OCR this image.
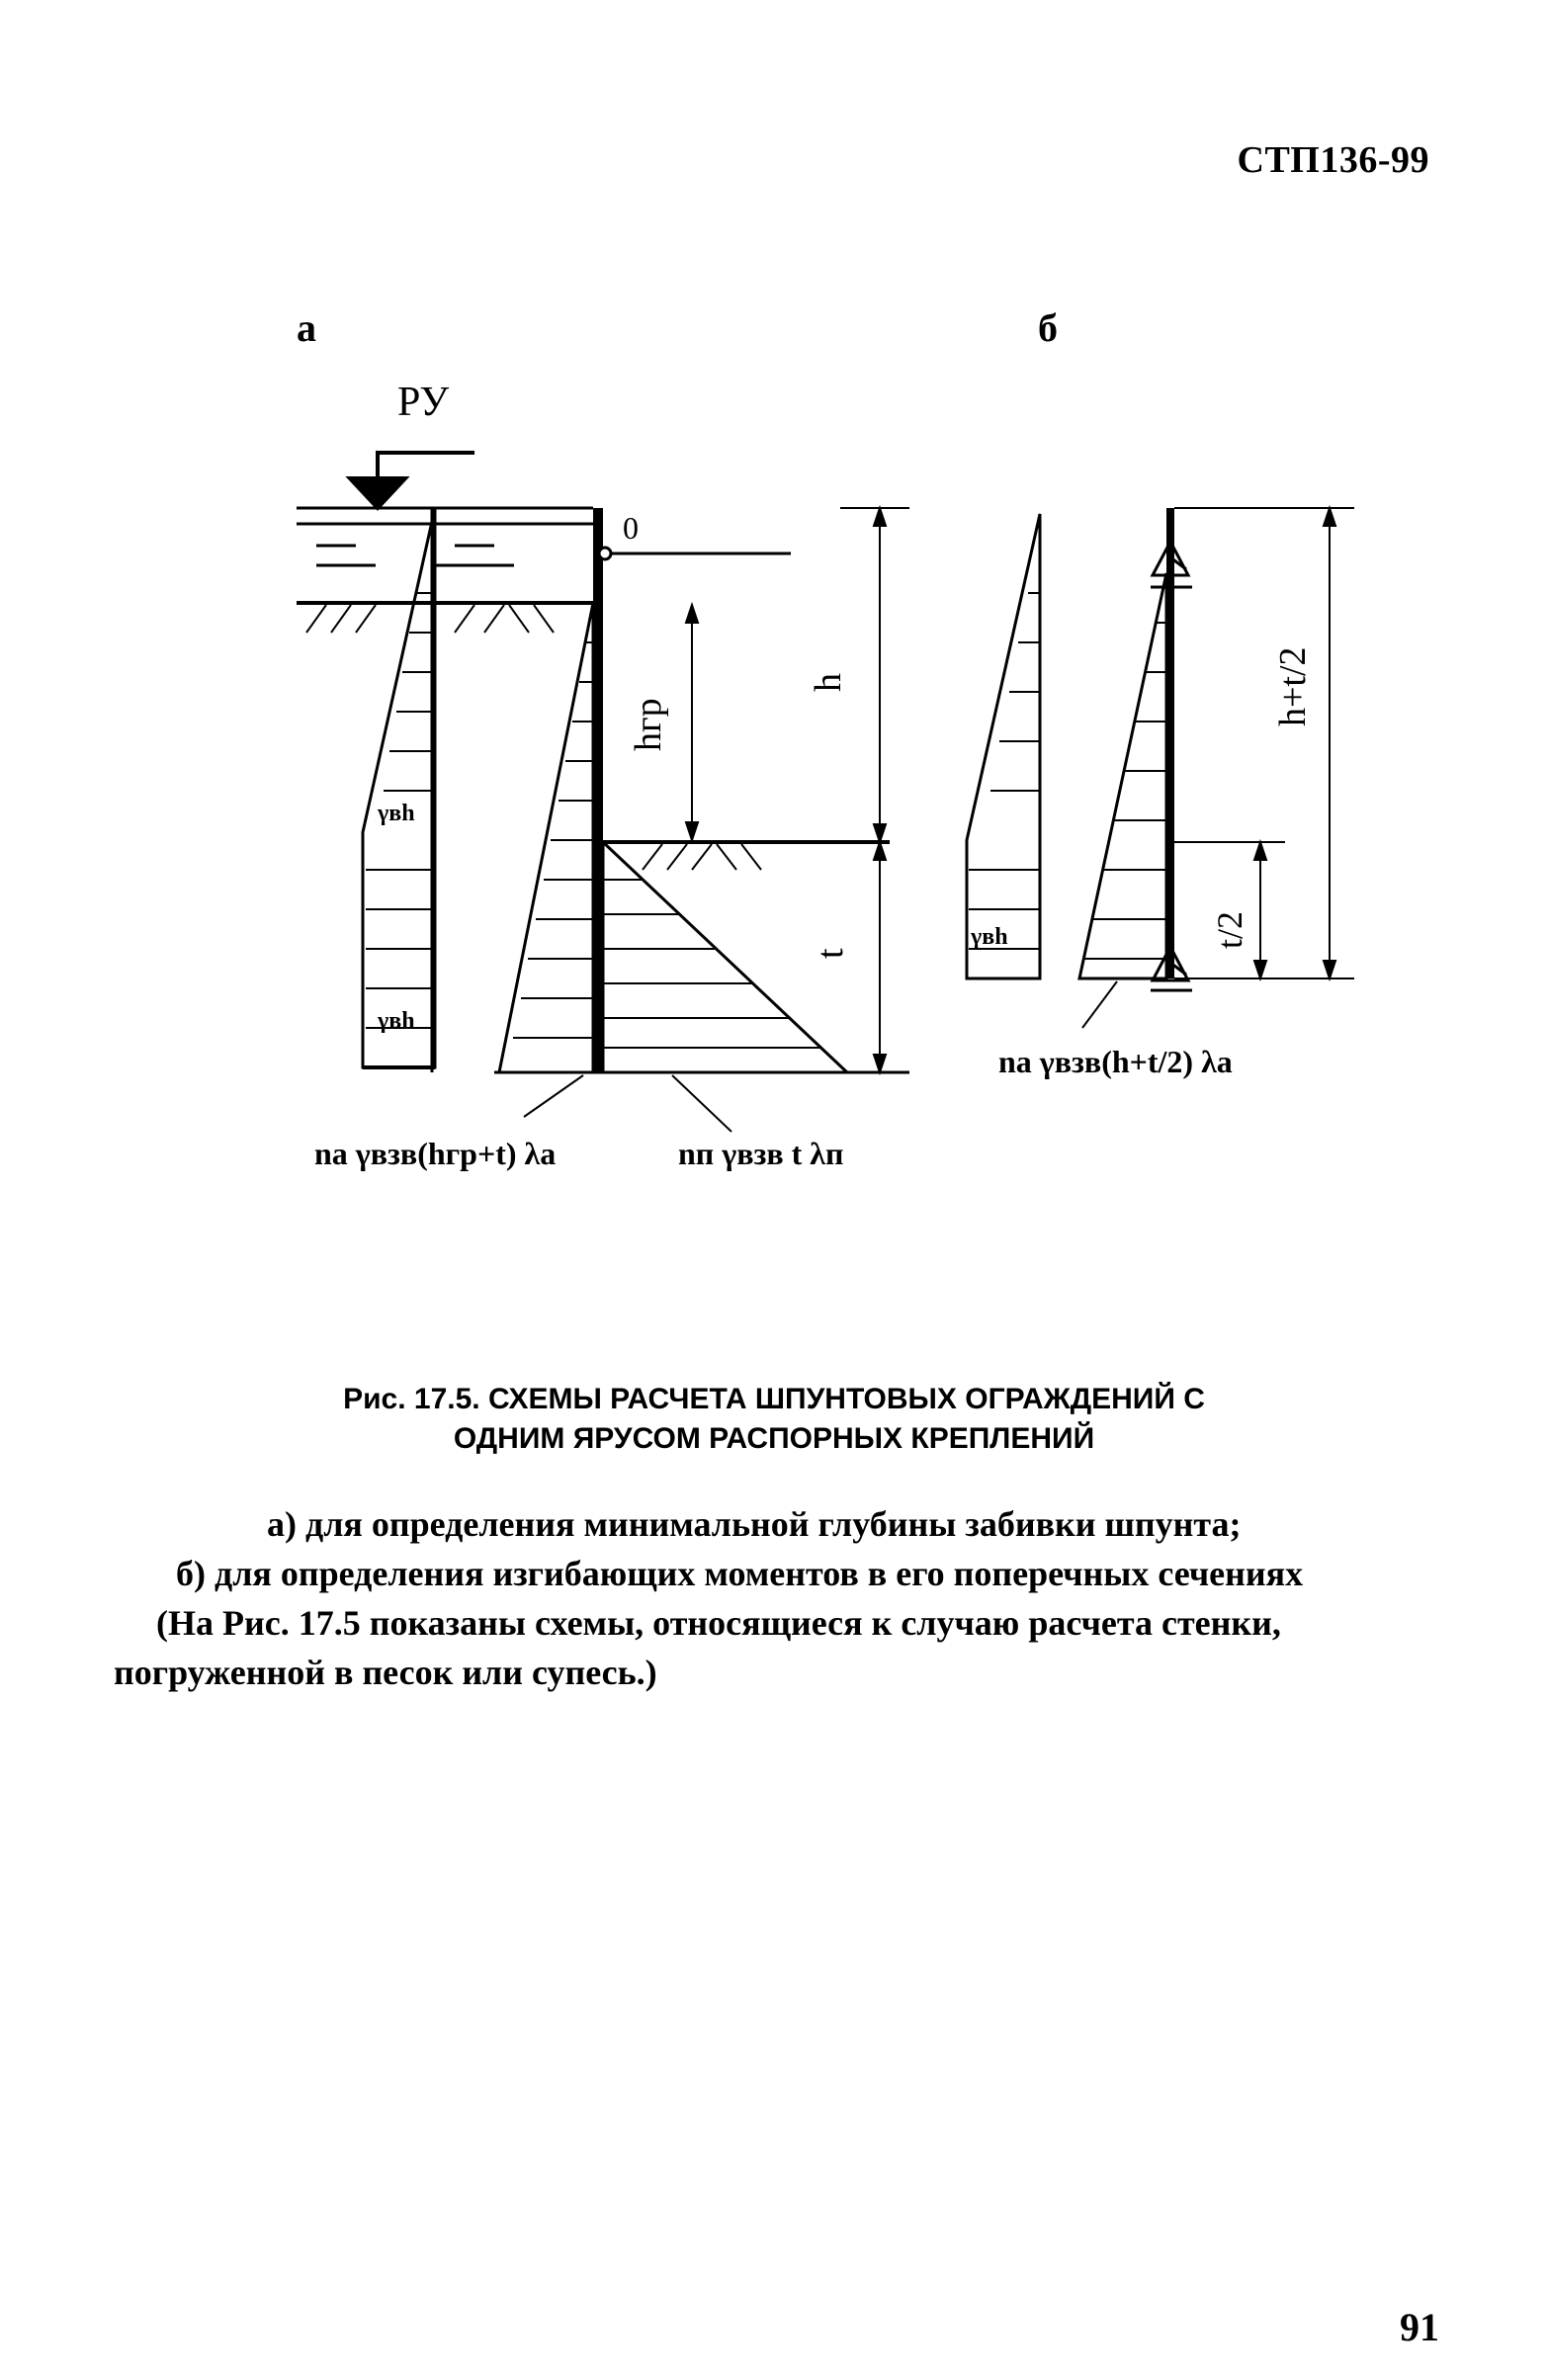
СТП136-99
а
РУ
γвh
γвh
0
hгр
h
t
nа γвзв(hгр+t) λа	nп γвзв t λп
б
γвh
h+t/2
t/2
nа γвзв(h+t/2) λа
Рис. 17.5. СХЕМЫ РАСЧЕТА ШПУНТОВЫХ ОГРАЖДЕНИЙ С
ОДНИМ ЯРУСОМ РАСПОРНЫХ КРЕПЛЕНИЙ
а) для определения минимальной глубины забивки шпунта;
б) для определения изгибающих моментов в его поперечных сечениях
(На Рис. 17.5 показаны схемы, относящиеся к случаю расчета стенки,
погруженной в песок или супесь.)
91
